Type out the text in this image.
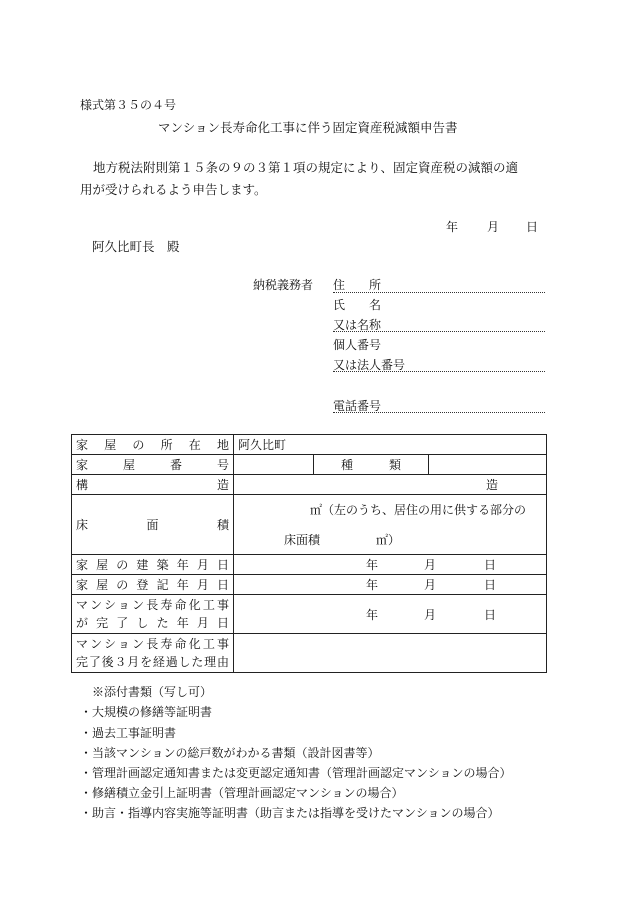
様式第３５の４号
マンション長寿命化工事に伴う固定資産税減額申告書
地方税法附則第１５条の９の３第１項の規定により、固定資産税の減額の適
用が受けられるよう申告します。
年 月 日
阿久比町長　殿
納税義務者 住　　所
氏　　名
又は名称
個人番号
又は法人番号
電話番号
家屋の所在地	阿久比町		
家屋番号		種　　　類	
構　　　　　　　　　　造	造		
床　　面　　積	㎡ （左のうち、居住の用に供する部分の
床面積 ㎡）		

家屋の建築年月日	年 月 日		

家屋の登記年月日	年 月 日		

マンション長寿命化工事
が完了した年月日	年 月 日		

マンション長寿命化工事
完了後３月を経過した理由			

※添付書類（写し可）
・大規模の修繕等証明書
・過去工事証明書
・当該マンションの総戸数がわかる書類（設計図書等）
・管理計画認定通知書または変更認定通知書（管理計画認定マンションの場合）
・修繕積立金引上証明書（管理計画認定マンションの場合）
・助言・指導内容実施等証明書（助言または指導を受けたマンションの場合）
